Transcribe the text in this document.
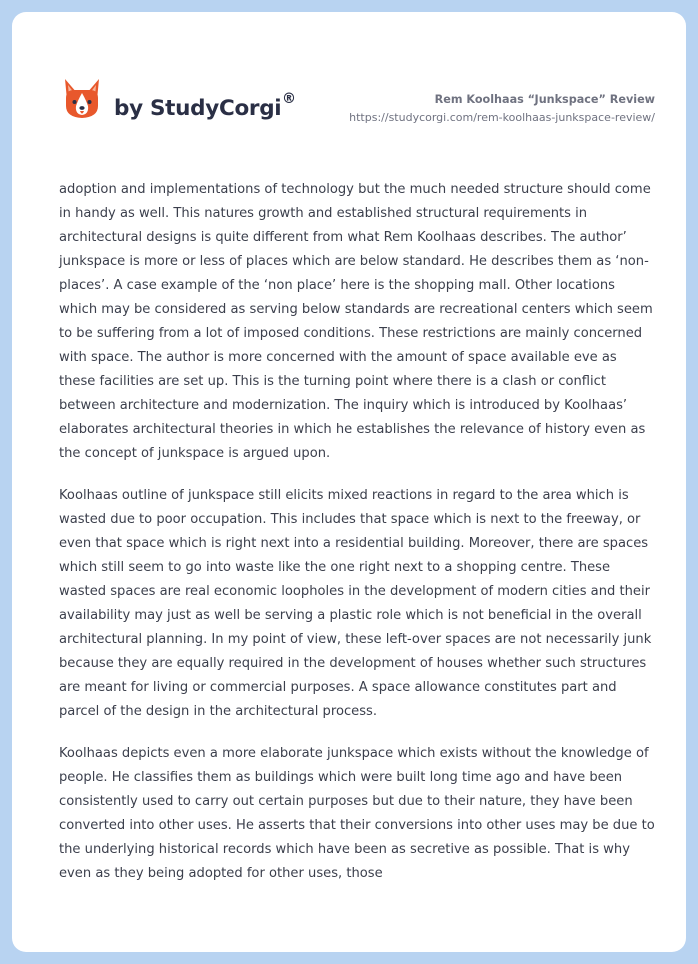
by StudyCorgi ®	Rem Koolhaas “Junkspace” Review
https://studycorgi.com/rem-koolhaas-junkspace-review/

adoption and implementations of technology but the much needed structure should come in handy as well. This natures growth and established structural requirements in architectural designs is quite different from what Rem Koolhaas describes. The author’ junkspace is more or less of places which are below standard. He describes them as ‘non-places’. A case example of the ‘non place’ here is the shopping mall. Other locations which may be considered as serving below standards are recreational centers which seem to be suffering from a lot of imposed conditions. These restrictions are mainly concerned with space. The author is more concerned with the amount of space available eve as these facilities are set up. This is the turning point where there is a clash or conflict between architecture and modernization. The inquiry which is introduced by Koolhaas’ elaborates architectural theories in which he establishes the relevance of history even as the concept of junkspace is argued upon.

Koolhaas outline of junkspace still elicits mixed reactions in regard to the area which is wasted due to poor occupation. This includes that space which is next to the freeway, or even that space which is right next into a residential building. Moreover, there are spaces which still seem to go into waste like the one right next to a shopping centre. These wasted spaces are real economic loopholes in the development of modern cities and their availability may just as well be serving a plastic role which is not beneficial in the overall architectural planning. In my point of view, these left-over spaces are not necessarily junk because they are equally required in the development of houses whether such structures are meant for living or commercial purposes. A space allowance constitutes part and parcel of the design in the architectural process.

Koolhaas depicts even a more elaborate junkspace which exists without the knowledge of people. He classifies them as buildings which were built long time ago and have been consistently used to carry out certain purposes but due to their nature, they have been converted into other uses. He asserts that their conversions into other uses may be due to the underlying historical records which have been as secretive as possible. That is why even as they being adopted for other uses, those
